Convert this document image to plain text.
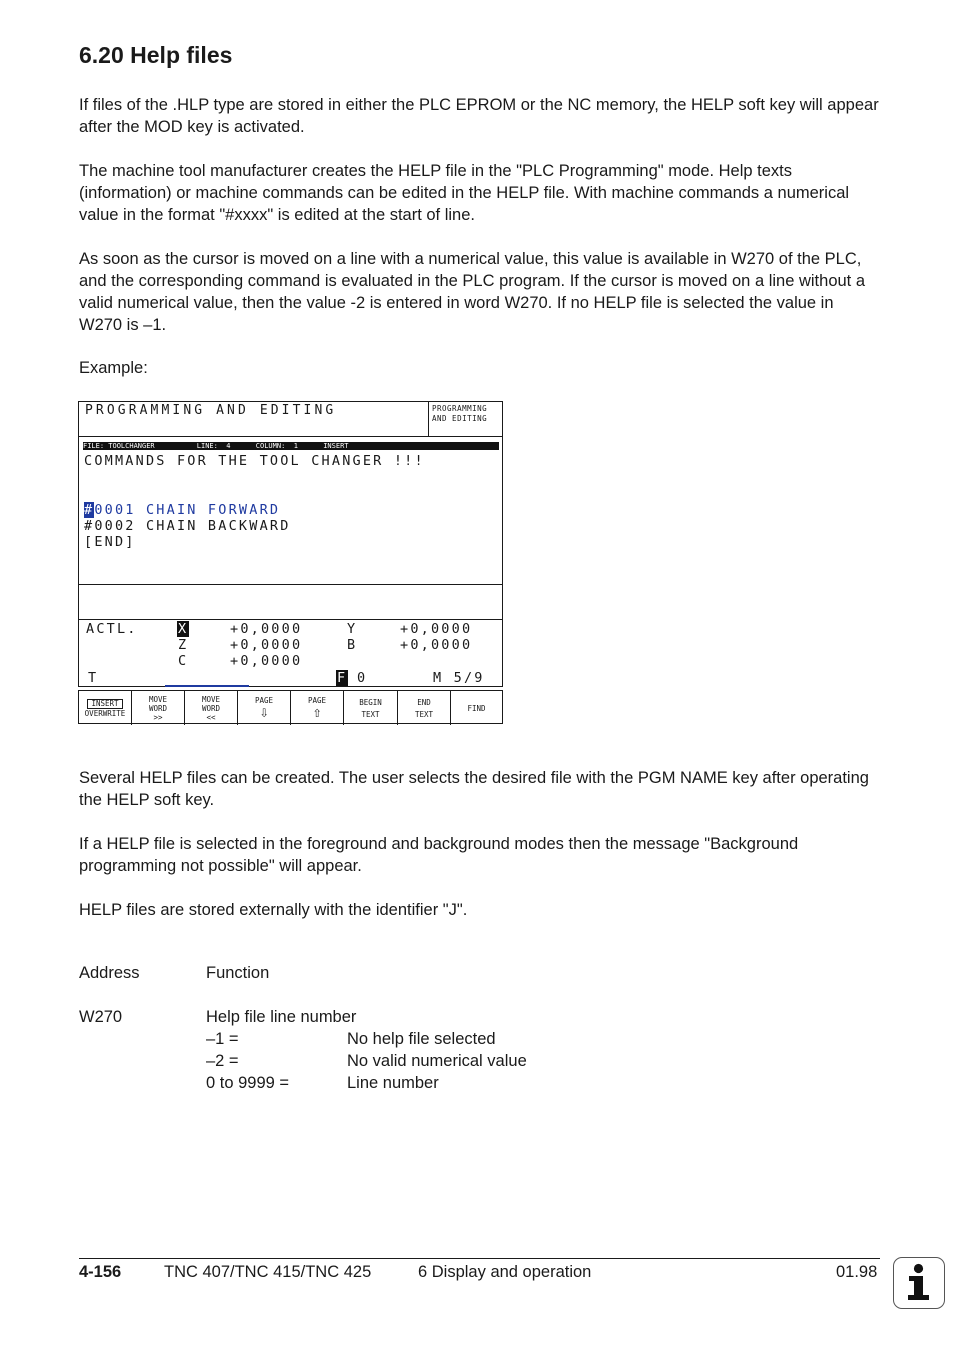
6.20 Help files

If files of the .HLP type are stored in either the PLC EPROM or the NC memory, the HELP soft key will appear after the MOD key is activated.

The machine tool manufacturer creates the HELP file in the "PLC Programming" mode. Help texts (information) or machine commands can be edited in the HELP file. With machine commands a numerical value in the format "#xxxx" is edited at the start of line.

As soon as the cursor is moved on a line with a numerical value, this value is available in W270 of the PLC, and the corresponding command is evaluated in the PLC program. If the cursor is moved on a line without a valid numerical value, then the value -2 is entered in word W270. If no HELP file is selected the value in W270 is –1.

Example:

PROGRAMMING AND EDITING	PROGRAMMING
AND EDITING
FILE: TOOLCHANGER          LINE:  4      COLUMN:  1      INSERT
COMMANDS FOR THE TOOL CHANGER !!!
#0001 CHAIN FORWARD
#0002 CHAIN BACKWARD
[END]
ACTL.	X	+0,0000	Y	+0,0000
Z	+0,0000	B	+0,0000
C	+0,0000
T	F 0	M 5/9
INSERT
OVERWRITE
MOVE
WORD
>>
MOVE
WORD
<<
PAGE
⇩
PAGE
⇧
BEGIN
TEXT
END
TEXT
FIND

Several HELP files can be created. The user selects the desired file with the PGM NAME key after operating the HELP soft key.

If a HELP file is selected in the foreground and background modes then the message "Background programming not possible" will appear.

HELP files are stored externally with the identifier "J".

Address	Function
W270	Help file line number
–1 =	No help file selected
–2 =	No valid numerical value
0 to 9999 =	Line number
4-156	TNC 407/TNC 415/TNC 425	6 Display and operation	01.98
